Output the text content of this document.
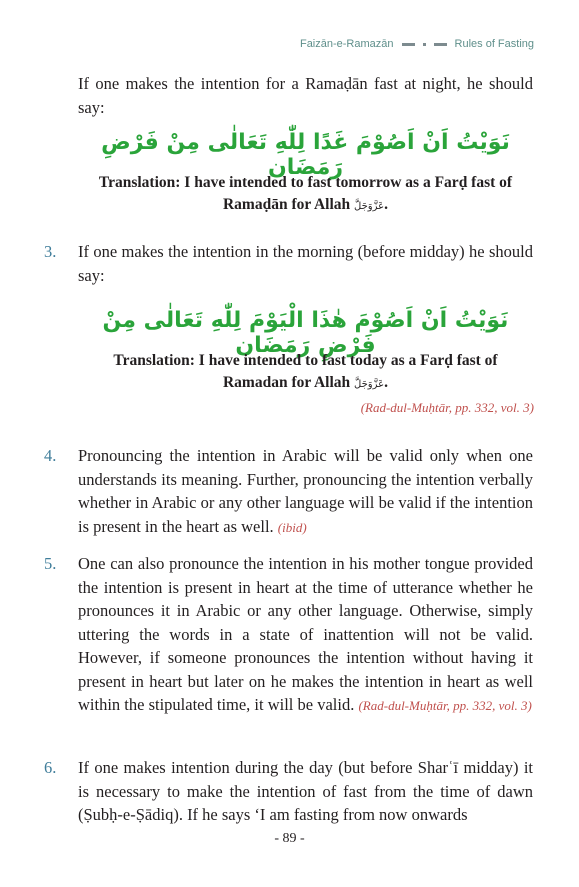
Faizān-e-Ramazān	Rules of Fasting
If one makes the intention for a Ramaḍān fast at night, he should say:
نَوَيْتُ اَنْ اَصُوْمَ غَدًا لِلّٰهِ تَعَالٰى مِنْ فَرْضِ رَمَضَان
Translation: I have intended to fast tomorrow as a Farḍ fast of
Ramaḍān for Allah عَزَّوَجَلَّ.
3. If one makes the intention in the morning (before midday) he should say:
نَوَيْتُ اَنْ اَصُوْمَ هٰذَا الْيَوْمَ لِلّٰهِ تَعَالٰى مِنْ فَرْضِ رَمَضَان
Translation: I have intended to fast today as a Farḍ fast of
Ramadan for Allah عَزَّوَجَلَّ.
(Rad-dul-Muḥtār, pp. 332, vol. 3)
4. Pronouncing the intention in Arabic will be valid only when one understands its meaning. Further, pronouncing the intention verbally whether in Arabic or any other language will be valid if the intention is present in the heart as well. (ibid)
5. One can also pronounce the intention in his mother tongue provided the intention is present in heart at the time of utterance whether he pronounces it in Arabic or any other language. Otherwise, simply uttering the words in a state of inattention will not be valid. However, if someone pronounces the intention without having it present in heart but later on he makes the intention in heart as well within the stipulated time, it will be valid. (Rad-dul-Muḥtār, pp. 332, vol. 3)
6. If one makes intention during the day (but before Sharʿī midday) it is necessary to make the intention of fast from the time of dawn (Ṣubḥ-e-Ṣādiq). If he says ‘I am fasting from now onwards
- 89 -
